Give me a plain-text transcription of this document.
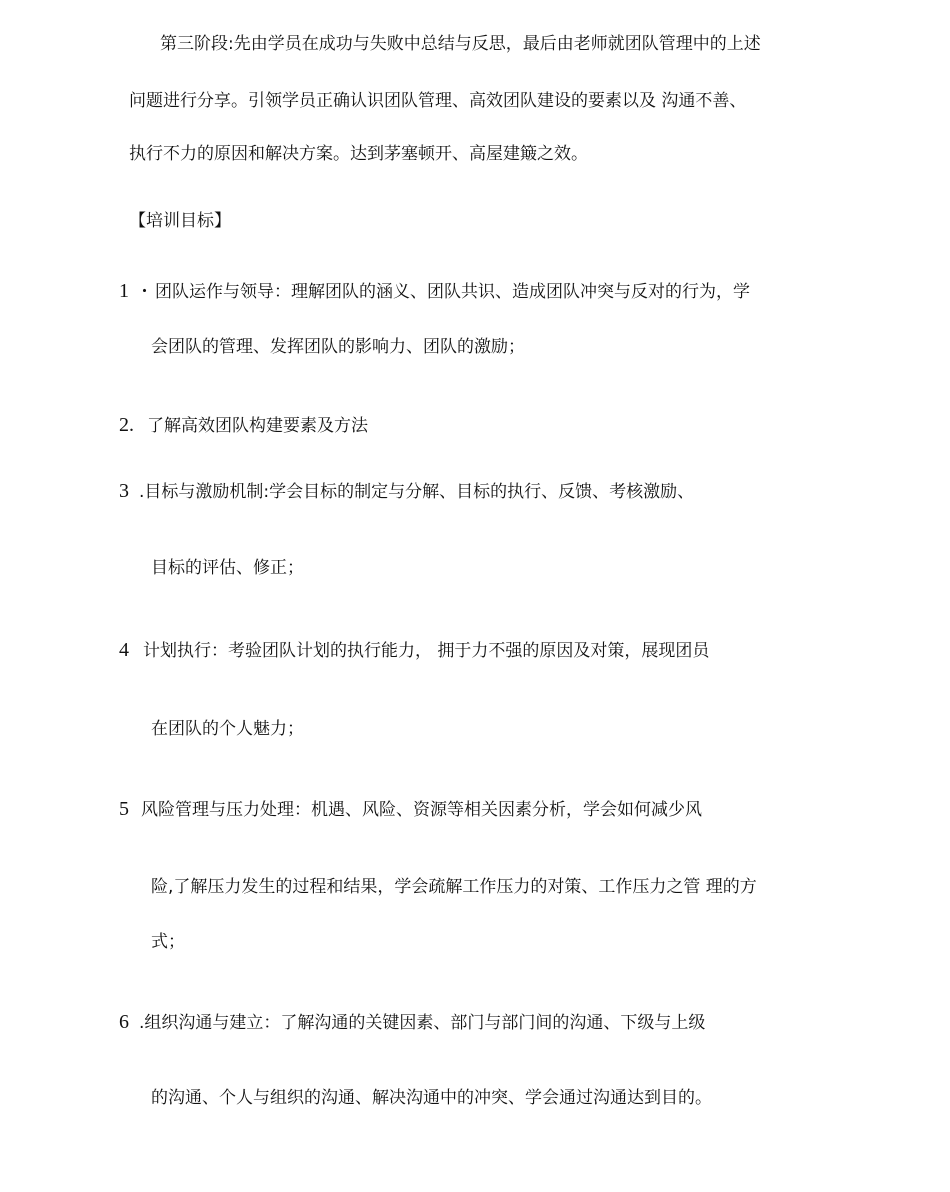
第三阶段:先由学员在成功与失败中总结与反思，最后由老师就团队管理中的上述
问题进行分享。引领学员正确认识团队管理、高效团队建设的要素以及 沟通不善、
执行不力的原因和解决方案。达到茅塞顿开、高屋建簸之效。
【培训目标】
1 ・ 团队运作与领导：理解团队的涵义、团队共识、造成团队冲突与反对的行为，学
会团队的管理、发挥团队的影响力、团队的激励；
2. 了解高效团队构建要素及方法
3 .目标与激励机制:学会目标的制定与分解、目标的执行、反馈、考核激励、
目标的评估、修正；
4 计划执行：考验团队计划的执行能力， 拥于力不强的原因及对策，展现团员
在团队的个人魅力；
5 风险管理与压力处理：机遇、风险、资源等相关因素分析，学会如何减少风
险,了解压力发生的过程和结果，学会疏解工作压力的对策、工作压力之管 理的方
式；
6 .组织沟通与建立：了解沟通的关键因素、部门与部门间的沟通、下级与上级
的沟通、个人与组织的沟通、解决沟通中的冲突、学会通过沟通达到目的。
